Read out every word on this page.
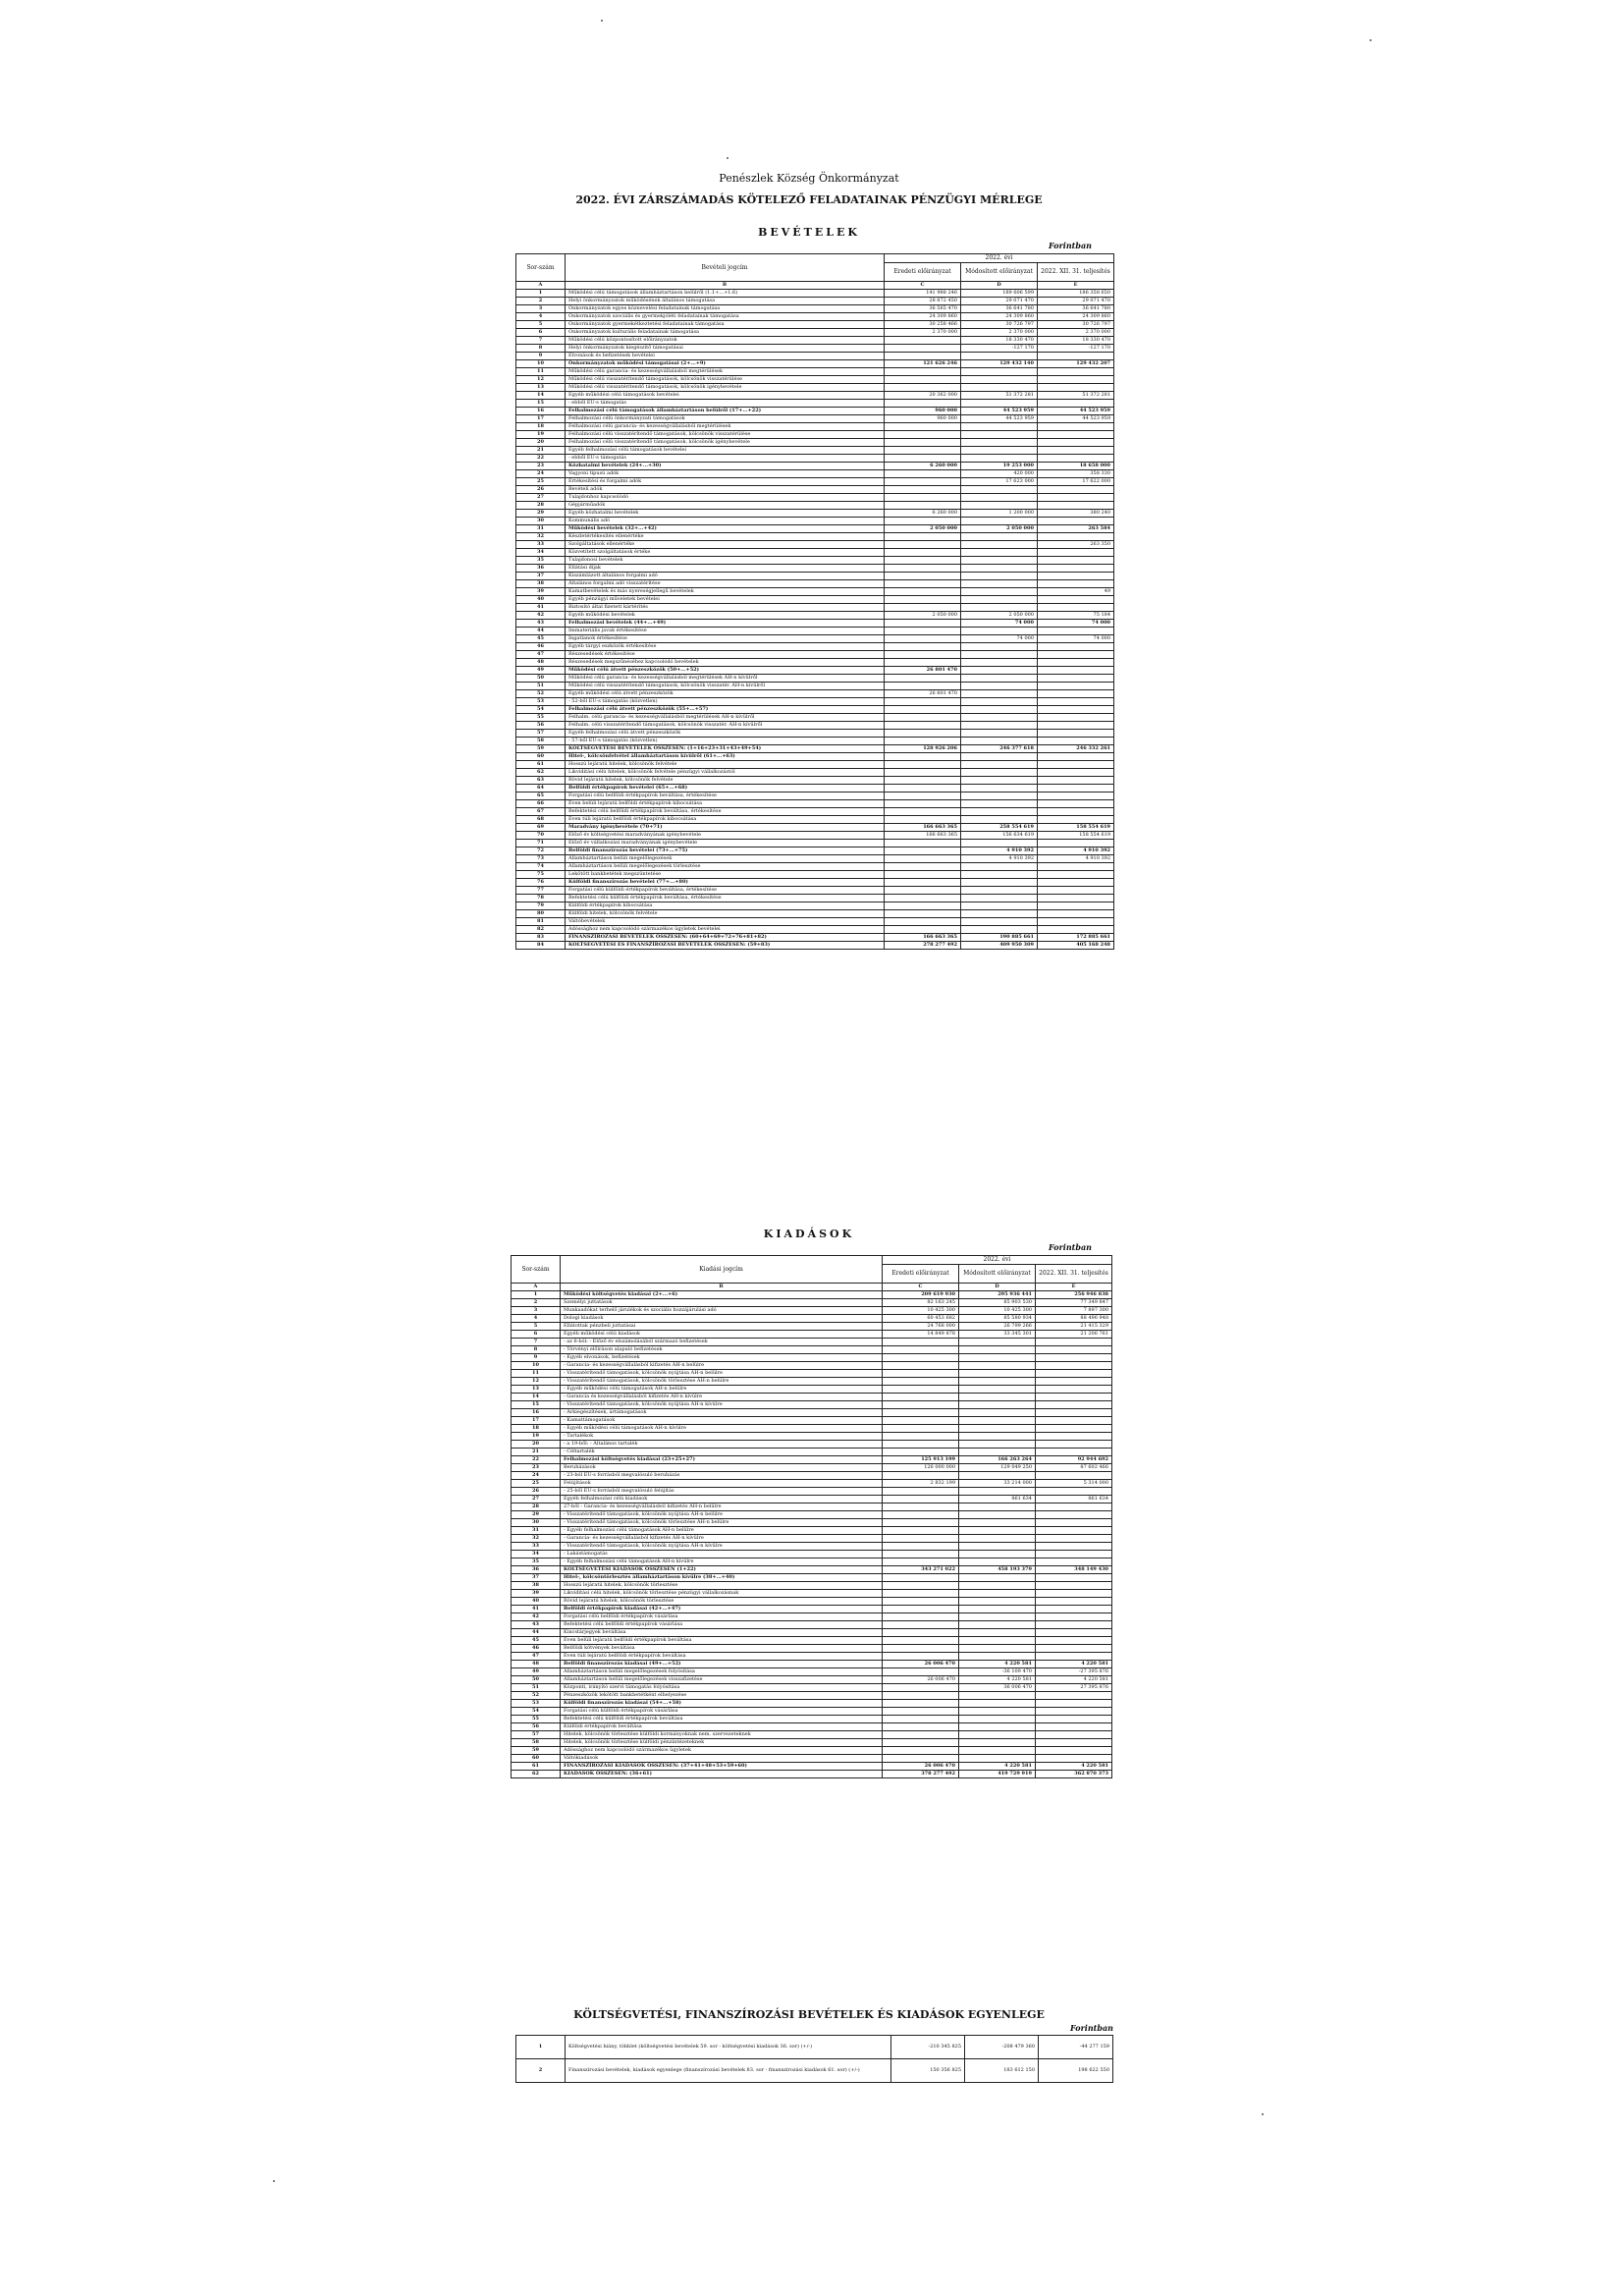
Penészlek Község Önkormányzat
2022. ÉVI ZÁRSZÁMADÁS KÖTELEZŐ FELADATAINAK PÉNZÜGYI MÉRLEGE
BEVÉTELEK
Forintban
Sor-szám	Bevételi jogcím	2022. évi		
		Eredeti előirányzat	Módosított előirányzat	2022. XII. 31. teljesítés
A	B	C	D	E
1	Működési célú támogatások államháztartáson belülről (1.1+...+1.6)	141 988 246	189 606 599	186 358 650
2	Helyi önkormányzatok működésének általános támogatása	28 872 450	29 071 470	29 071 470
3	Önkormányzatok egyes köznevelési feladatainak támogatása	36 565 470	36 641 780	36 641 780
4	Önkormányzatok szociális és gyermekjóléti feladatainak támogatása	24 309 860	24 309 860	24 309 860
5	Önkormányzatok gyermekétkeztetési feladatainak támogatása	30 258 466	30 726 797	30 726 797
6	Önkormányzatok kulturális feladatainak támogatása	2 370 000	2 370 000	2 370 000
7	Működési célú központosított előirányzatok		18 330 470	18 330 470
8	Helyi önkormányzatok kiegészítő támogatásai		-127 170	-127 170
9	Elvonások és befizetések bevételei			
10	Önkormányzatok működési támogatásai (2+...+9)	121 626 246	129 432 140	129 432 207
11	Működési célú garancia- és kezességvállalásból megtérülések			
12	Működési célú visszatérítendő támogatások, kölcsönök visszatérülése			
13	Működési célú visszatérítendő támogatások, kölcsönök igénybevétele			
14	Egyéb működési célú támogatások bevételei	20 362 000	51 372 281	51 372 281
15	- ebből EU-s támogatás			
16	Felhalmozási célú támogatások államháztartáson belülről (17+...+22)	960 000	44 523 959	44 523 959
17	Felhalmozási célú önkormányzati támogatások	960 000	44 523 959	44 523 959
18	Felhalmozási célú garancia- és kezességvállalásból megtérülések			
19	Felhalmozási célú visszatérítendő támogatások, kölcsönök visszatérülése			
20	Felhalmozási célú visszatérítendő támogatások, kölcsönök igénybevétele			
21	Egyéb felhalmozási célú támogatások bevételei			
22	- ebből EU-s támogatás			
23	Közhatalmi bevételek (24+...+30)	6 260 000	19 253 000	18 658 000
24	Vagyoni tipusú adók		420 000	358 330
25	Értékesítési és forgalmi adók		17 623 000	17 622 000
26	Bevételi adók			
27	Tulajdonhoz kapcsolódó			
28	Gépjárműadók			
29	Egyéb közhatalmi bevételek	6 260 000	1 200 000	380 240
30	Kommunális adó			
31	Működési bevételek (32+...+42)	2 050 000	2 050 000	263 584
32	Készletértékesítés ellenértéke			
33	Szolgáltatások ellenértéke			263 350
34	Közvetített szolgáltatások értéke			
35	Tulajdonosi bevételek			
36	Ellátási díjak			
37	Kiszámlázott általános forgalmi adó			
38	Általános forgalmi adó visszatérítése			
39	Kamatbevételek és más nyereségjellegű bevételek			49
40	Egyéb pénzügyi műveletek bevételei			
41	Biztosító által fizetett kártérítés			
42	Egyéb működési bevételek	2 050 000	2 050 000	75 184
43	Felhalmozási bevételek (44+...+49)		74 000	74 000
44	Immateriális javak értékesítése			
45	Ingatlanok értékesítése		74 000	74 000
46	Egyéb tárgyi eszközök értékesítése			
47	Részesedések értékesítése			
48	Részesedések megszűnéséhez kapcsolódó bevételek			
49	Működési célú átvett pénzeszközök (50+...+52)	26 801 470		
50	Működési célú garancia- és kezességvállalásból megtérülések ÁH-n kívülről			
51	Működési célú visszatérítendő támogatások, kölcsönök visszatér. ÁH-n kívülről			
52	Egyéb működési célú átvett pénzeszközök	26 801 470		
53	- 52-ből EU-s támogatás (közvetlen)			
54	Felhalmozási célú átvett pénzeszközök (55+...+57)			
55	Felhalm. célú garancia- és kezességvállalásból megtérülések ÁH-n kívülről			
56	Felhalm. célú visszatérítendő támogatások, kölcsönök visszatér. ÁH-n kívülről			
57	Egyéb felhalmozási célú átvett pénzeszközök			
58	- 57-ből EU-s támogatás (közvetlen)			
59	KÖLTSÉGVETÉSI BEVÉTELEK ÖSSZESEN: (1+16+23+31+43+49+54)	128 926 206	246 377 618	246 332 261
60	Hitel-, kölcsönfelvétel államháztartáson kívülről (61+...+63)			
61	Hosszú lejáratú hitelek, kölcsönök felvétele			
62	Likviditási célú hitelek, kölcsönök felvétele pénzügyi vállalkozástól			
63	Rövid lejáratú hitelek, kölcsönök felvétele			
64	Belföldi értékpapírok bevételei (65+...+68)			
65	Forgatási célú belföldi értékpapírok beváltása, értékesítése			
66	Éven belüli lejáratú belföldi értékpapírok kibocsátása			
67	Befektetési célú belföldi értékpapírok beváltása, értékesítése			
68	Éven túli lejáratú belföldi értékpapírok kibocsátása			
69	Maradvány igénybevétele (70+71)	166 663 365	258 554 619	158 554 619
70	Előző év költségvetési maradványának igénybevétele	166 663 365	156 634 619	158 554 619
71	Előző év vállalkozási maradványának igénybevétele			
72	Belföldi finanszírozás bevételei (73+...+75)		4 910 392	4 910 392
73	Államháztartáson belüli megelőlegezések		4 910 392	4 910 392
74	Államháztartáson belüli megelőlegezések törlesztése			
75	Lekötött bankbetétek megszüntetése			
76	Külföldi finanszírozás bevételei (77+...+80)			
77	Forgatási célú külföldi értékpapírok beváltása, értékesítése			
78	Befektetési célú külföldi értékpapírok beváltása, értékesítése			
79	Külföldi értékpapírok kibocsátása			
80	Külföldi hitelek, kölcsönök felvétele			
81	Váltóbevételek			
82	Adóssághoz nem kapcsolódó származékos ügyletek bevételei			
83	FINANSZÍROZÁSI BEVÉTELEK ÖSSZESEN: (60+64+69+72+76+81+82)	166 663 365	190 885 661	172 885 661
84	KÖLTSÉGVETÉSI ÉS FINANSZÍROZÁSI BEVÉTELEK ÖSSZESEN: (59+83)	278 277 492	409 950 309	405 168 248
KIADÁSOK
Forintban
Sor-szám	Kiadási jogcím	2022. évi		
		Eredeti előirányzat	Módosított előirányzat	2022. XII. 31. teljesítés
A	B	C	D	E
1	Működési költségvetés kiadásai (2+...+6)	209 619 930	295 936 441	256 946 838
2	Személyi juttatások	82 163 245	85 903 530	77 349 847
3	Munkaadókat terhelő járulékok és szociális hozzájárulási adó	10 425 300	10 425 300	7 897 300
4	Dologi kiadások	60 453 682	85 580 934	88 496 948
5	Ellátottak pénzbeli juttatásai	24 768 000	26 799 266	21 415 329
6	Egyéb működési célú kiadások	14 849 878	33 345 301	21 206 761
7	- az 6-ból: - Előző év elszámolásából származó befizetések			
8	- Törvényi előíráson alapuló befizetések			
9	- Egyéb elvonások, befizetések			
10	- Garancia- és kezességvállalásból kifizetés ÁH-n belülre			
11	- Visszatérítendő támogatások, kölcsönök nyújtása ÁH-n belülre			
12	- Visszatérítendő támogatások, kölcsönök törlesztése ÁH-n belülre			
13	- Egyéb működési célú támogatások ÁH-n belülre			
14	- Garancia és kezességvállalásból kifizetés ÁH-n kívülre			
15	- Visszatérítendő támogatások, kölcsönök nyújtása ÁH-n kívülre			
16	- Árkiegészítések, ártámogatások			
17	- Kamattámogatások			
18	- Egyéb működési célú támogatások ÁH-n kívülre			
19	- Tartalékok			
20	- a 19-ből: - Általános tartalék			
21	- Céltartalék			
22	Felhalmozási költségvetés kiadásai (23+25+27)	125 913 199	166 263 264	92 944 692
23	Beruházások	126 000 000	129 049 250	87 602 466
24	- 23-ból EU-s forrásból megvalósuló beruházás			
25	Felújítások	2 832 199	33 214 000	5 314 000
26	- 25-ből EU-s forrásból megvalósuló felújítás			
27	Egyéb felhalmozási célú kiadások		861 634	861 634
28	27-ből - Garancia- és kezességvállalásból kifizetés ÁH-n belülre			
29	- Visszatérítendő támogatások, kölcsönök nyújtása ÁH-n belülre			
30	- Visszatérítendő támogatások, kölcsönök törlesztése ÁH-n belülre			
31	- Egyéb felhalmozási célú támogatások ÁH-n belülre			
32	- Garancia- és kezességvállalásból kifizetés ÁH-n kívülre			
33	- Visszatérítendő támogatások, kölcsönök nyújtása ÁH-n kívülre			
34	- Lakástámogatás			
35	- Egyéb felhalmozási célú támogatások ÁH-n kívülre			
36	KÖLTSÉGVETÉSI KIADÁSOK ÖSSZESEN (1+22)	343 271 022	458 193 379	348 149 430
37	Hitel-, kölcsöntörlesztés államháztartáson kívülre (38+...+40)			
38	Hosszú lejáratú hitelek, kölcsönök törlesztése			
39	Likviditási célú hitelek, kölcsönök törlesztése pénzügyi vállalkozásnak			
40	Rövid lejáratú hitelek, kölcsönök törlesztése			
41	Belföldi értékpapírok kiadásai (42+...+47)			
42	Forgatási célú belföldi értékpapírok vásárlása			
43	Befektetési célú belföldi értékpapírok vásárlása			
44	Kincstárjegyek beváltása			
45	Éven belüli lejáratú belföldi értékpapírok beváltása			
46	Belföldi kötvények beváltása			
47	Éven túli lejáratú belföldi értékpapírok beváltása			
48	Belföldi finanszírozás kiadásai (49+...+52)	26 006 470	4 220 581	4 220 581
49	Államháztartáson belüli megelőlegezések folyósítása		-36 109 470	-27 395 876
50	Államháztartáson belüli megelőlegezések visszafizetése	26 006 470	4 220 581	4 220 581
51	Központi, irányító szervi támogatás folyósítása		36 006 470	27 395 876
52	Pénzeszközök lekötött bankbetétként elhelyezése			
53	Külföldi finanszírozás kiadásai (54+...+58)			
54	Forgatási célú külföldi értékpapírok vásárlása			
55	Befektetési célú külföldi értékpapírok beváltása			
56	Külföldi értékpapírok beváltása			
57	Hitelek, kölcsönök törlesztése külföldi kormányoknak nem. szervezeteknek			
58	Hitelek, kölcsönök törlesztése külföldi pénzintézeteknek			
59	Adóssághoz nem kapcsolódó származékos ügyletek			
60	Váltókiadások			
61	FINANSZÍROZÁSI KIADÁSOK ÖSSZESEN: (37+41+48+53+59+60)	26 006 470	4 220 581	4 220 581
62	KIADÁSOK ÖSSZESEN: (36+61)	378 277 492	419 729 919	362 870 373
KÖLTSÉGVETÉSI, FINANSZÍROZÁSI BEVÉTELEK ÉS KIADÁSOK EGYENLEGE
Forintban
1	Költségvetési hiány, többlet (költségvetési bevételek 59. sor - költségvetési kiadások 36. sor) (+/-)	-210 345 825	-208 479 360	-44 277 159
2	Finanszírozási bevételek, kiadások egyenlege (finanszírozási bevételek 83. sor - finanszírozási kiadások 61. sor) (+/-)	150 356 825	183 612 150	198 622 550
